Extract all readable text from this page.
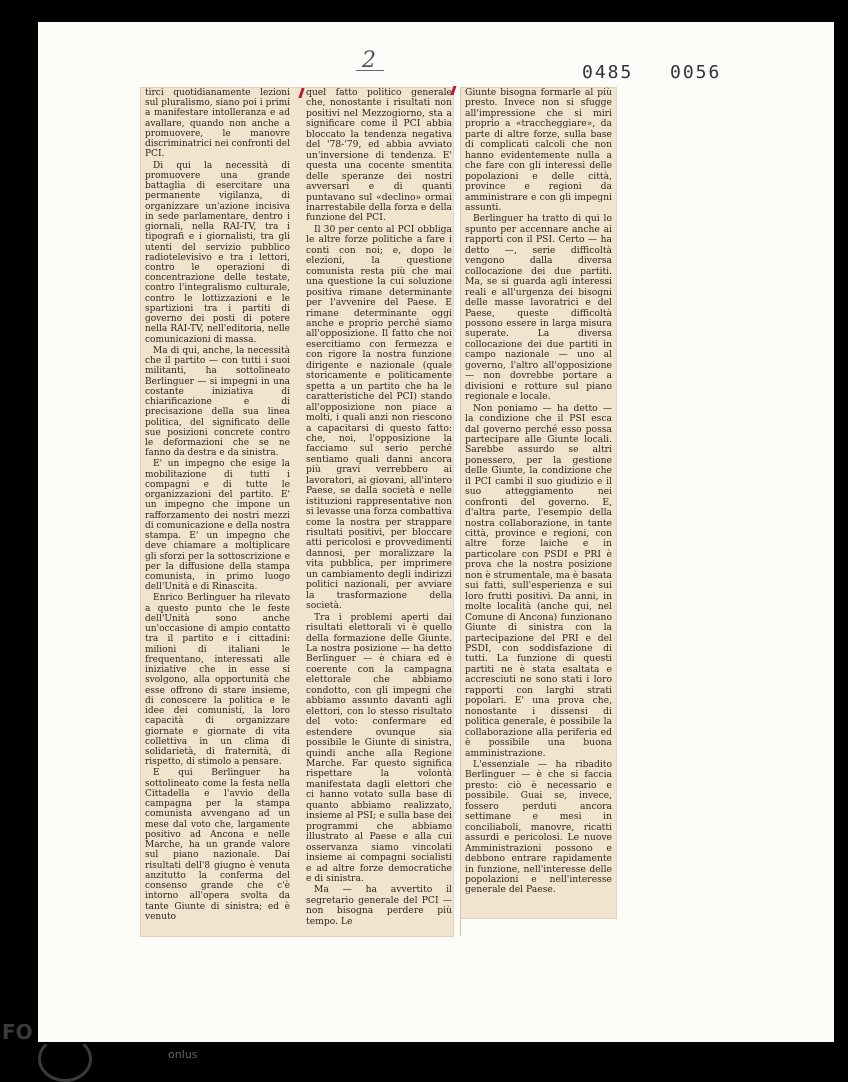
2	0485 0056

tirci quotidianamente lezioni sul pluralismo, siano poi i primi a manifestare intolleranza e ad avallare, quando non anche a promuovere, le manovre discriminatrici nei confronti del PCI.

Di qui la necessità di promuovere una grande battaglia di esercitare una permanente vigilanza, di organizzare un'azione incisiva in sede parlamentare, dentro i giornali, nella RAI-TV, tra i tipografi e i giornalisti, tra gli utenti del servizio pubblico radiotelevisivo e tra i lettori, contro le operazioni di concentrazione delle testate, contro l'integralismo culturale, contro le lottizzazioni e le spartizioni tra i partiti di governo dei posti di potere nella RAI-TV, nell'editoria, nelle comunicazioni di massa.

Ma di qui, anche, la necessità che il partito — con tutti i suoi militanti, ha sottolineato Berlinguer — si impegni in una costante iniziativa di chiarificazione e di precisazione della sua linea politica, del significato delle sue posizioni concrete contro le deformazioni che se ne fanno da destra e da sinistra.

E' un impegno che esige la mobilitazione di tutti i compagni e di tutte le organizzazioni del partito. E' un impegno che impone un rafforzamento dei nostri mezzi di comunicazione e della nostra stampa. E' un impegno che deve chiamare a moltiplicare gli sforzi per la sottoscrizione e per la diffusione della stampa comunista, in primo luogo dell'Unità e di Rinascita.

Enrico Berlinguer ha rilevato a questo punto che le feste dell'Unità sono anche un'occasione di ampio contatto tra il partito e i cittadini: milioni di italiani le frequentano, interessati alle iniziative che in esse si svolgono, alla opportunità che esse offrono di stare insieme, di conoscere la politica e le idee dei comunisti, la loro capacità di organizzare giornate e giornate di vita collettiva in un clima di solidarietà, di fraternità, di rispetto, di stimolo a pensare.

E qui Berlinguer ha sottolineato come la festa nella Cittadella e l'avvio della campagna per la stampa comunista avvengano ad un mese dal voto che, largamente positivo ad Ancona e nelle Marche, ha un grande valore sul piano nazionale. Dai risultati dell'8 giugno è venuta anzitutto la conferma del consenso grande che c'è intorno all'opera svolta da tante Giunte di sinistra; ed è venuto

quel fatto politico generale che, nonostante i risultati non positivi nel Mezzogiorno, sta a significare come il PCI abbia bloccato la tendenza negativa del '78-'79, ed abbia avviato un'inversione di tendenza. E' questa una cocente smentita delle speranze dei nostri avversari e di quanti puntavano sul «declino» ormai inarrestabile della forza e della funzione del PCI.

Il 30 per cento al PCI obbliga le altre forze politiche a fare i conti con noi; e, dopo le elezioni, la questione comunista resta più che mai una questione la cui soluzione positiva rimane determinante per l'avvenire del Paese. E rimane determinante oggi anche e proprio perché siamo all'opposizione. Il fatto che noi esercitiamo con fermezza e con rigore la nostra funzione dirigente e nazionale (quale storicamente e politicamente spetta a un partito che ha le caratteristiche del PCI) stando all'opposizione non piace a molti, i quali anzi non riescono a capacitarsi di questo fatto: che, noi, l'opposizione la facciamo sul serio perché sentiamo quali danni ancora più gravi verrebbero ai lavoratori, ai giovani, all'intero Paese, se dalla società e nelle istituzioni rappresentative non si levasse una forza combattiva come la nostra per strappare risultati positivi, per bloccare atti pericolosi e provvedimenti dannosi, per moralizzare la vita pubblica, per imprimere un cambiamento degli indirizzi politici nazionali, per avviare la trasformazione della società.

Tra i problemi aperti dai risultati elettorali vi è quello della formazione delle Giunte. La nostra posizione — ha detto Berlinguer — è chiara ed è coerente con la campagna elettorale che abbiamo condotto, con gli impegni che abbiamo assunto davanti agli elettori, con lo stesso risultato del voto: confermare ed estendere ovunque sia possibile le Giunte di sinistra, quindi anche alla Regione Marche. Far questo significa rispettare la volontà manifestata dagli elettori che ci hanno votato sulla base di quanto abbiamo realizzato, insieme al PSI; e sulla base dei programmi che abbiamo illustrato al Paese e alla cui osservanza siamo vincolati insieme ai compagni socialisti e ad altre forze democratiche e di sinistra.

Ma — ha avvertito il segretario generale del PCI — non bisogna perdere più tempo. Le

Giunte bisogna formarle al più presto. Invece non si sfugge all'impressione che si miri proprio a «traccheggiare», da parte di altre forze, sulla base di complicati calcoli che non hanno evidentemente nulla a che fare con gli interessi delle popolazioni e delle città, province e regioni da amministrare e con gli impegni assunti.

Berlinguer ha tratto di qui lo spunto per accennare anche ai rapporti con il PSI. Certo — ha detto —, serie difficoltà vengono dalla diversa collocazione dei due partiti. Ma, se si guarda agli interessi reali e all'urgenza dei bisogni delle masse lavoratrici e del Paese, queste difficoltà possono essere in larga misura superate. La diversa collocazione dei due partiti in campo nazionale — uno al governo, l'altro all'opposizione — non dovrebbe portare a divisioni e rotture sul piano regionale e locale.

Non poniamo — ha detto — la condizione che il PSI esca dal governo perché esso possa partecipare alle Giunte locali. Sarebbe assurdo se altri ponessero, per la gestione delle Giunte, la condizione che il PCI cambi il suo giudizio e il suo atteggiamento nei confronti del governo. E, d'altra parte, l'esempio della nostra collaborazione, in tante città, province e regioni, con altre forze laiche e in particolare con PSDI e PRI è prova che la nostra posizione non è strumentale, ma è basata sui fatti, sull'esperienza e sui loro frutti positivi. Da anni, in molte località (anche qui, nel Comune di Ancona) funzionano Giunte di sinistra con la partecipazione del PRI e del PSDI, con soddisfazione di tutti. La funzione di questi partiti ne è stata esaltata e accresciuti ne sono stati i loro rapporti con larghi strati popolari. E' una prova che, nonostante i dissensi di politica generale, è possibile la collaborazione alla periferia ed è possibile una buona amministrazione.

L'essenziale — ha ribadito Berlinguer — è che si faccia presto: ciò è necessario e possibile. Guai se, invece, fossero perduti ancora settimane e mesi in conciliaboli, manovre, ricatti assurdi e pericolosi. Le nuove Amministrazioni possono e debbono entrare rapidamente in funzione, nell'interesse delle popolazioni e nell'interesse generale del Paese.

FO
onlus
